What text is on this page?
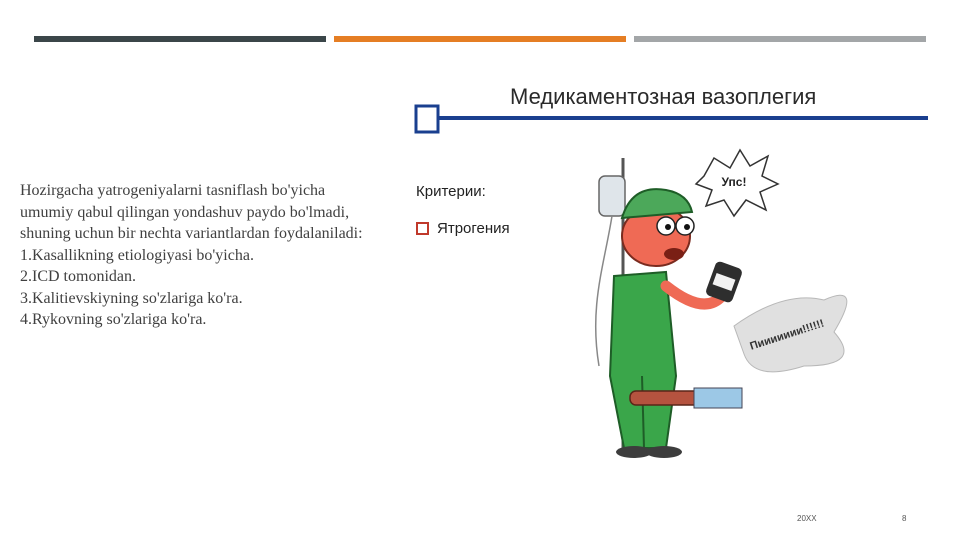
Hozirgacha yatrogeniyalarni tasniflash bo'yicha umumiy qabul qilingan yondashuv paydo bo'lmadi, shuning uchun bir nechta variantlardan foydalaniladi:

1.Kasallikning etiologiyasi bo'yicha.

2.ICD tomonidan.

3.Kalitievskiyning so'zlariga ko'ra.

4.Rykovning so'zlariga ko'ra.

Упс!
Пиииииии!!!!!!
Медикаментозная вазоплегия
Критерии:
Ятрогения
20XX	8
